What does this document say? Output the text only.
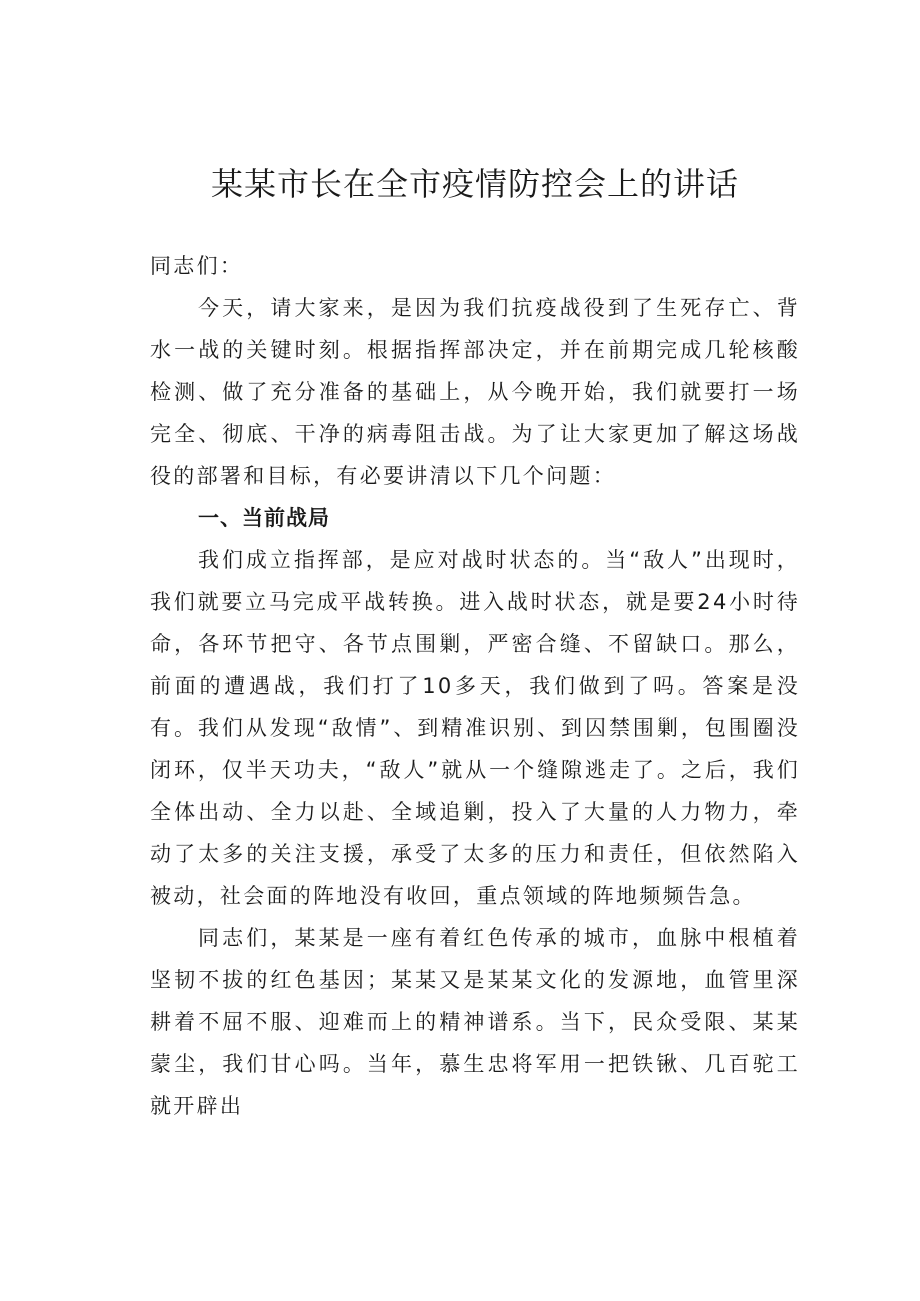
某某市长在全市疫情防控会上的讲话

同志们：

今天，请大家来，是因为我们抗疫战役到了生死存亡、背水一战的关键时刻。根据指挥部决定，并在前期完成几轮核酸检测、做了充分准备的基础上，从今晚开始，我们就要打一场完全、彻底、干净的病毒阻击战。为了让大家更加了解这场战役的部署和目标，有必要讲清以下几个问题：

一、当前战局

我们成立指挥部，是应对战时状态的。当“敌人”出现时，我们就要立马完成平战转换。进入战时状态，就是要24小时待命，各环节把守、各节点围剿，严密合缝、不留缺口。那么，前面的遭遇战，我们打了10多天，我们做到了吗。答案是没有。我们从发现“敌情”、到精准识别、到囚禁围剿，包围圈没闭环，仅半天功夫，“敌人”就从一个缝隙逃走了。之后，我们全体出动、全力以赴、全域追剿，投入了大量的人力物力，牵动了太多的关注支援，承受了太多的压力和责任，但依然陷入被动，社会面的阵地没有收回，重点领域的阵地频频告急。

同志们，某某是一座有着红色传承的城市，血脉中根植着坚韧不拔的红色基因；某某又是某某文化的发源地，血管里深耕着不屈不服、迎难而上的精神谱系。当下，民众受限、某某蒙尘，我们甘心吗。当年，慕生忠将军用一把铁锹、几百驼工就开辟出
